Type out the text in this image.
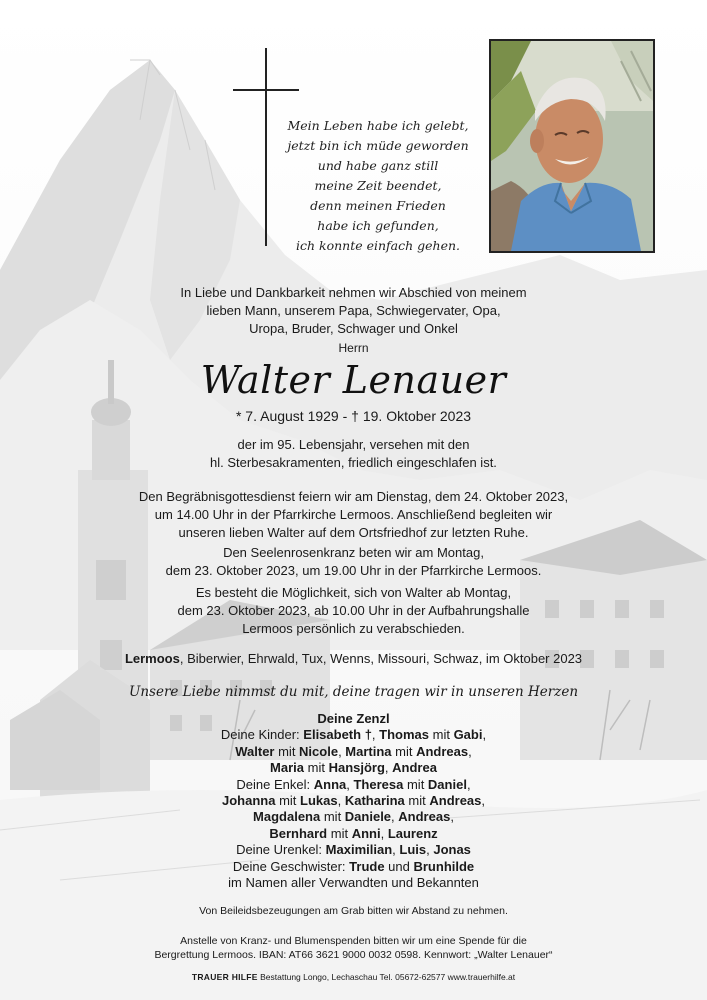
Mein Leben habe ich gelebt,
jetzt bin ich müde geworden
und habe ganz still
meine Zeit beendet,
denn meinen Frieden
habe ich gefunden,
ich konnte einfach gehen.
In Liebe und Dankbarkeit nehmen wir Abschied von meinem
lieben Mann, unserem Papa, Schwiegervater, Opa,
Uropa, Bruder, Schwager und Onkel
Herrn
Walter Lenauer
* 7. August 1929 - † 19. Oktober 2023
der im 95. Lebensjahr, versehen mit den
hl. Sterbesakramenten, friedlich eingeschlafen ist.
Den Begräbnisgottesdienst feiern wir am Dienstag, dem 24. Oktober 2023,
um 14.00 Uhr in der Pfarrkirche Lermoos. Anschließend begleiten wir
unseren lieben Walter auf dem Ortsfriedhof zur letzten Ruhe.
Den Seelenrosenkranz beten wir am Montag,
dem 23. Oktober 2023, um 19.00 Uhr in der Pfarrkirche Lermoos.
Es besteht die Möglichkeit, sich von Walter ab Montag,
dem 23. Oktober 2023, ab 10.00 Uhr in der Aufbahrungshalle
Lermoos persönlich zu verabschieden.
Lermoos, Biberwier, Ehrwald, Tux, Wenns, Missouri, Schwaz, im Oktober 2023
Unsere Liebe nimmst du mit, deine tragen wir in unseren Herzen
Deine Zenzl
Deine Kinder: Elisabeth †, Thomas mit Gabi,
Walter mit Nicole, Martina mit Andreas,
Maria mit Hansjörg, Andrea
Deine Enkel: Anna, Theresa mit Daniel,
Johanna mit Lukas, Katharina mit Andreas,
Magdalena mit Daniele, Andreas,
Bernhard mit Anni, Laurenz
Deine Urenkel: Maximilian, Luis, Jonas
Deine Geschwister: Trude und Brunhilde
im Namen aller Verwandten und Bekannten
Von Beileidsbezeugungen am Grab bitten wir Abstand zu nehmen.
Anstelle von Kranz- und Blumenspenden bitten wir um eine Spende für die
Bergrettung Lermoos. IBAN: AT66 3621 9000 0032 0598. Kennwort: „Walter Lenauer“
TRAUER HILFE Bestattung Longo, Lechaschau Tel. 05672-62577 www.trauerhilfe.at
